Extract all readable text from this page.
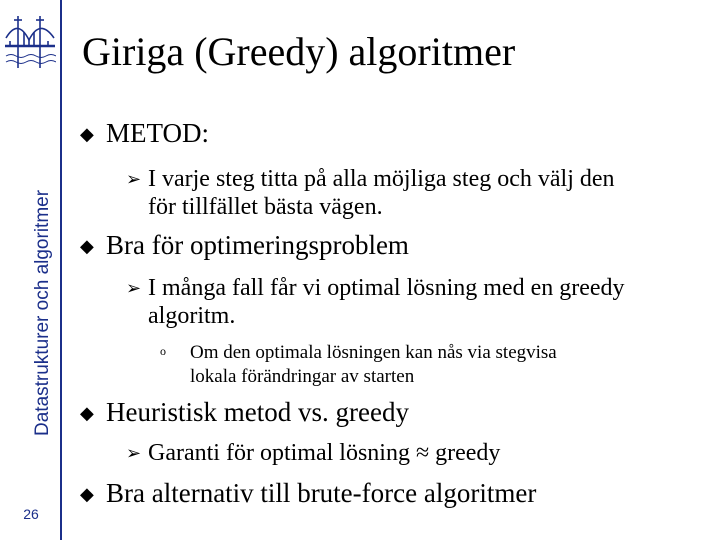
Datastrukturer och algoritmer
26
Giriga (Greedy) algoritmer
◆ METOD:
➢ I varje steg titta på alla möjliga steg och välj den
för tillfället bästa vägen.
◆ Bra för optimeringsproblem
➢ I många fall får vi optimal lösning med en greedy
algoritm.
o Om den optimala lösningen kan nås via stegvisa
lokala förändringar av starten
◆ Heuristisk metod vs. greedy
➢ Garanti för optimal lösning ≈ greedy
◆ Bra alternativ till brute-force algoritmer
